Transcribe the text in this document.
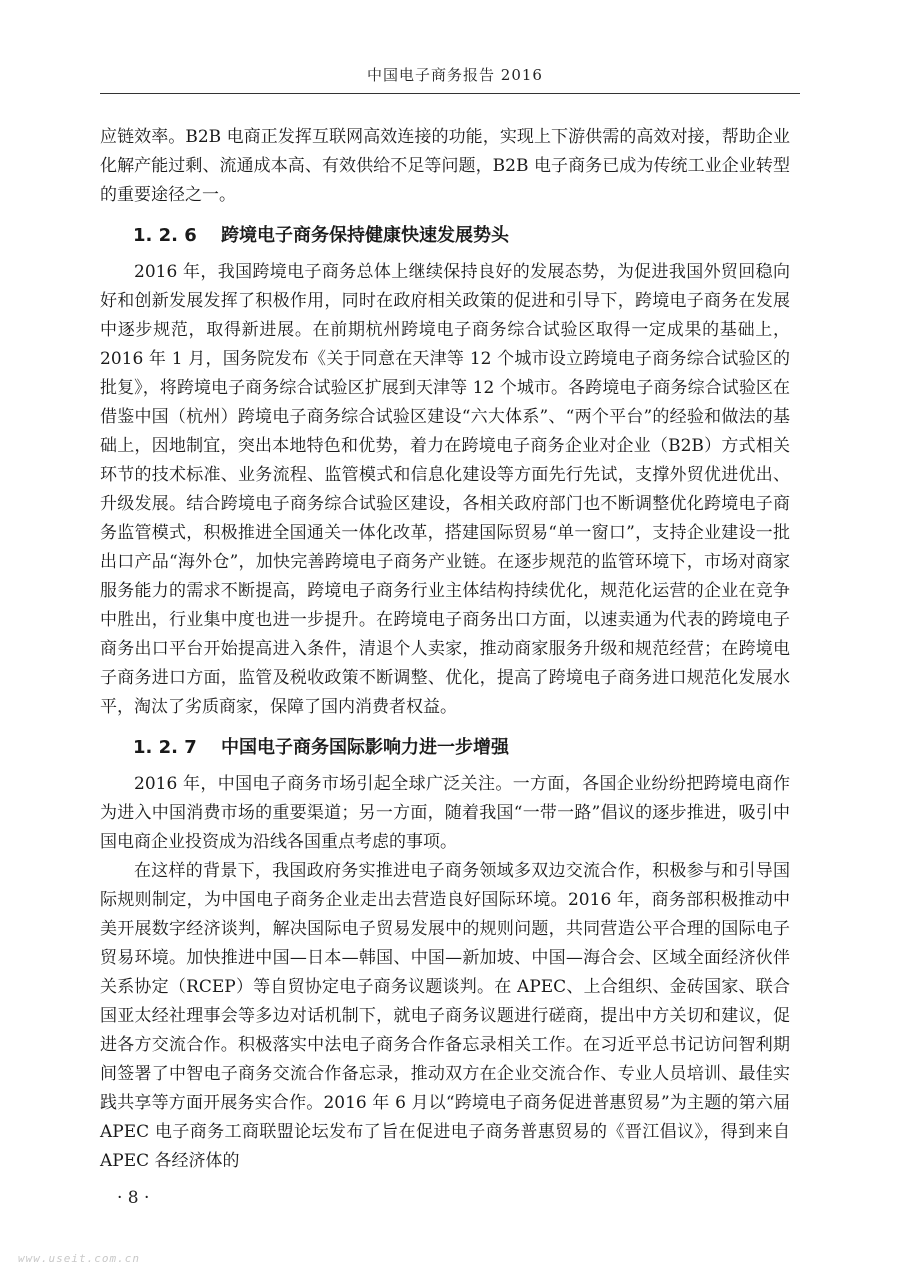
中国电子商务报告 2016

应链效率。B2B 电商正发挥互联网高效连接的功能，实现上下游供需的高效对接，帮助企业化解产能过剩、流通成本高、有效供给不足等问题，B2B 电子商务已成为传统工业企业转型的重要途径之一。

1. 2. 6 跨境电子商务保持健康快速发展势头

2016 年，我国跨境电子商务总体上继续保持良好的发展态势，为促进我国外贸回稳向好和创新发展发挥了积极作用，同时在政府相关政策的促进和引导下，跨境电子商务在发展中逐步规范，取得新进展。在前期杭州跨境电子商务综合试验区取得一定成果的基础上，2016 年 1 月，国务院发布《关于同意在天津等 12 个城市设立跨境电子商务综合试验区的批复》，将跨境电子商务综合试验区扩展到天津等 12 个城市。各跨境电子商务综合试验区在借鉴中国（杭州）跨境电子商务综合试验区建设“六大体系”、“两个平台”的经验和做法的基础上，因地制宜，突出本地特色和优势，着力在跨境电子商务企业对企业（B2B）方式相关环节的技术标准、业务流程、监管模式和信息化建设等方面先行先试，支撑外贸优进优出、升级发展。结合跨境电子商务综合试验区建设，各相关政府部门也不断调整优化跨境电子商务监管模式，积极推进全国通关一体化改革，搭建国际贸易“单一窗口”，支持企业建设一批出口产品“海外仓”，加快完善跨境电子商务产业链。在逐步规范的监管环境下，市场对商家服务能力的需求不断提高，跨境电子商务行业主体结构持续优化，规范化运营的企业在竞争中胜出，行业集中度也进一步提升。在跨境电子商务出口方面，以速卖通为代表的跨境电子商务出口平台开始提高进入条件，清退个人卖家，推动商家服务升级和规范经营；在跨境电子商务进口方面，监管及税收政策不断调整、优化，提高了跨境电子商务进口规范化发展水平，淘汰了劣质商家，保障了国内消费者权益。

1. 2. 7 中国电子商务国际影响力进一步增强

2016 年，中国电子商务市场引起全球广泛关注。一方面，各国企业纷纷把跨境电商作为进入中国消费市场的重要渠道；另一方面，随着我国“一带一路”倡议的逐步推进，吸引中国电商企业投资成为沿线各国重点考虑的事项。

在这样的背景下，我国政府务实推进电子商务领域多双边交流合作，积极参与和引导国际规则制定，为中国电子商务企业走出去营造良好国际环境。2016 年，商务部积极推动中美开展数字经济谈判，解决国际电子贸易发展中的规则问题，共同营造公平合理的国际电子贸易环境。加快推进中国—日本—韩国、中国—新加坡、中国—海合会、区域全面经济伙伴关系协定（RCEP）等自贸协定电子商务议题谈判。在 APEC、上合组织、金砖国家、联合国亚太经社理事会等多边对话机制下，就电子商务议题进行磋商，提出中方关切和建议，促进各方交流合作。积极落实中法电子商务合作备忘录相关工作。在习近平总书记访问智利期间签署了中智电子商务交流合作备忘录，推动双方在企业交流合作、专业人员培训、最佳实践共享等方面开展务实合作。2016 年 6 月以“跨境电子商务促进普惠贸易”为主题的第六届 APEC 电子商务工商联盟论坛发布了旨在促进电子商务普惠贸易的《晋江倡议》，得到来自 APEC 各经济体的

· 8 ·
www.useit.com.cn
